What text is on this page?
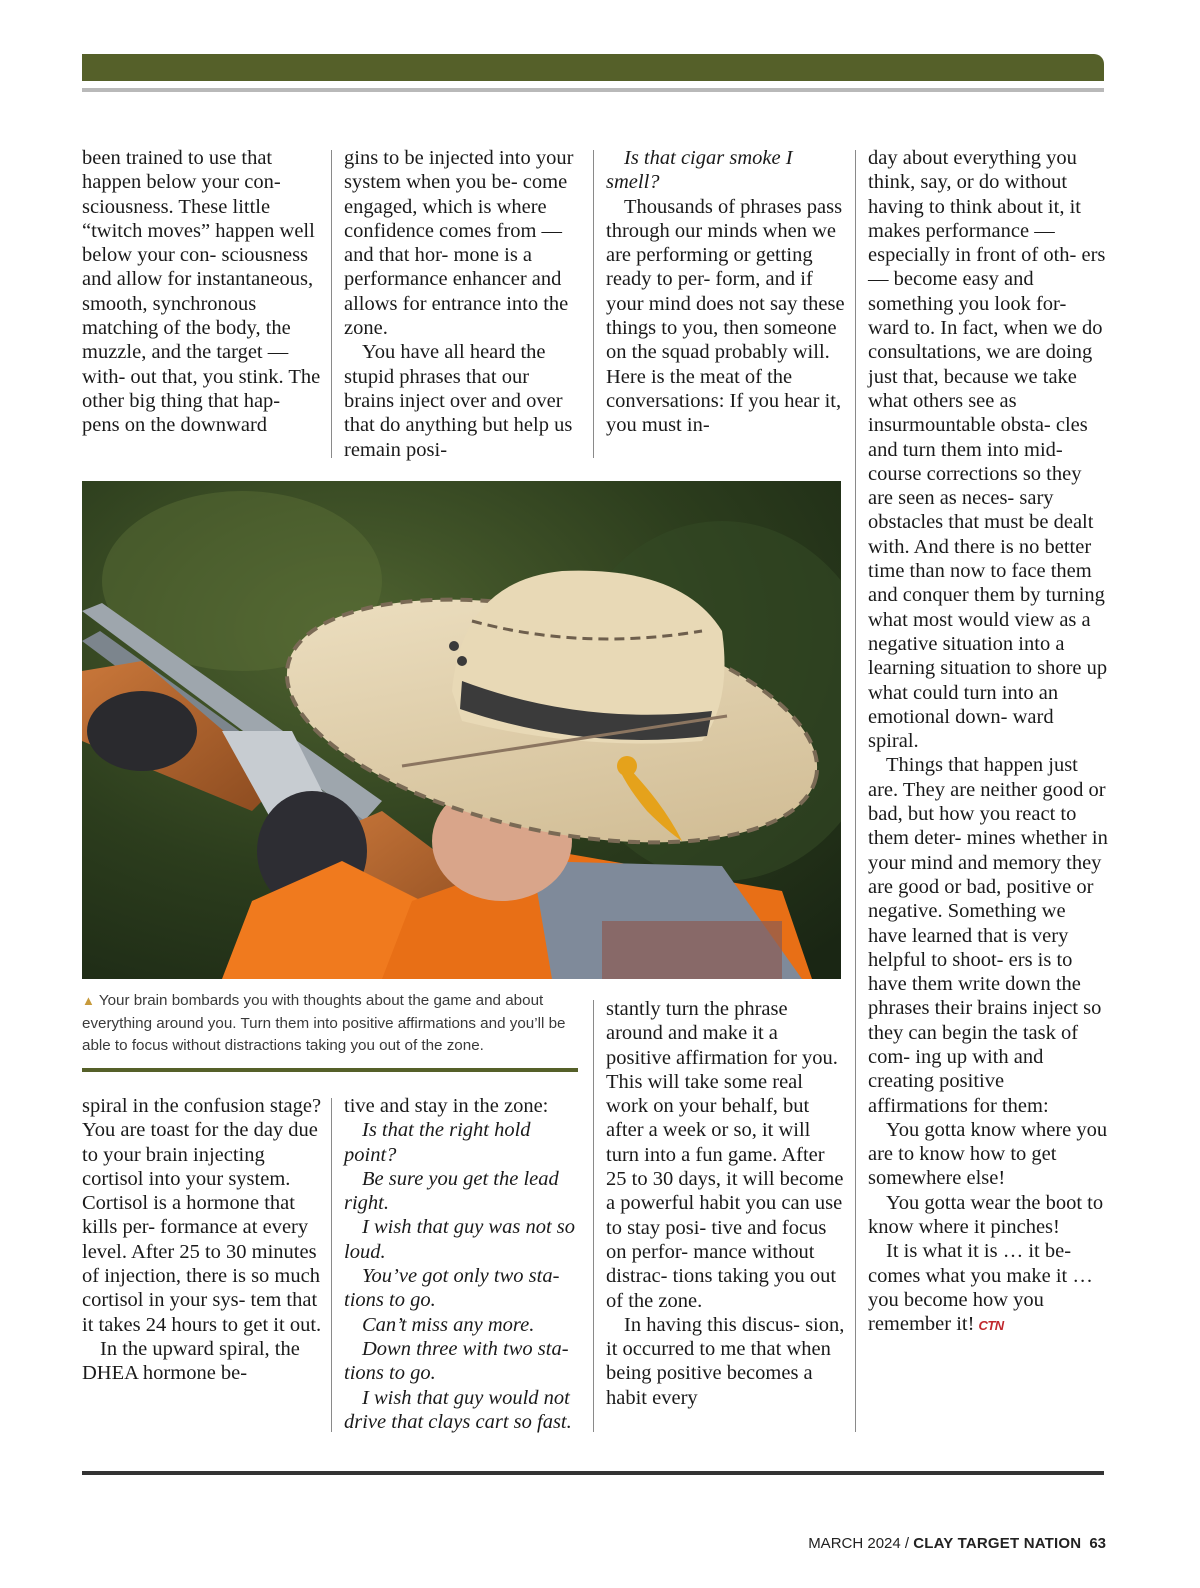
been trained to use that happen below your con- sciousness. These little “twitch moves” happen well below your con- sciousness and allow for instantaneous, smooth, synchronous matching of the body, the muzzle, and the target —with- out that, you stink. The other big thing that hap- pens on the downward

gins to be injected into your system when you be- come engaged, which is where confidence comes from — and that hor- mone is a performance enhancer and allows for entrance into the zone.

You have all heard the stupid phrases that our brains inject over and over that do anything but help us remain posi-

Is that cigar smoke I smell?

Thousands of phrases pass through our minds when we are performing or getting ready to per- form, and if your mind does not say these things to you, then someone on the squad probably will. Here is the meat of the conversations: If you hear it, you must in-

day about everything you think, say, or do without having to think about it, it makes performance — especially in front of oth- ers — become easy and something you look for- ward to. In fact, when we do consultations, we are doing just that, because we take what others see as insurmountable obsta- cles and turn them into mid-course corrections so they are seen as neces- sary obstacles that must be dealt with. And there is no better time than now to face them and conquer them by turning what most would view as a negative situation into a learning situation to shore up what could turn into an emotional down- ward spiral.

Things that happen just are. They are neither good or bad, but how you react to them deter- mines whether in your mind and memory they are good or bad, positive or negative. Something we have learned that is very helpful to shoot- ers is to have them write down the phrases their brains inject so they can begin the task of com- ing up with and creating positive affirmations for them:

You gotta know where you are to know how to get somewhere else!

You gotta wear the boot to know where it pinches!

It is what it is … it be- comes what you make it … you become how you remember it! CTN

▲ Your brain bombards you with thoughts about the game and about everything around you. Turn them into positive affirmations and you’ll be able to focus without distractions taking you out of the zone.

spiral in the confusion stage? You are toast for the day due to your brain injecting cortisol into your system. Cortisol is a hormone that kills per- formance at every level. After 25 to 30 minutes of injection, there is so much cortisol in your sys- tem that it takes 24 hours to get it out.

In the upward spiral, the DHEA hormone be-

tive and stay in the zone:

Is that the right hold point?

Be sure you get the lead right.

I wish that guy was not so loud.

You’ve got only two sta- tions to go.

Can’t miss any more.

Down three with two sta- tions to go.

I wish that guy would not drive that clays cart so fast.

stantly turn the phrase around and make it a positive affirmation for you. This will take some real work on your behalf, but after a week or so, it will turn into a fun game. After 25 to 30 days, it will become a powerful habit you can use to stay posi- tive and focus on perfor- mance without distrac- tions taking you out of the zone.

In having this discus- sion, it occurred to me that when being positive becomes a habit every

MARCH 2024 / CLAY TARGET NATION 63
